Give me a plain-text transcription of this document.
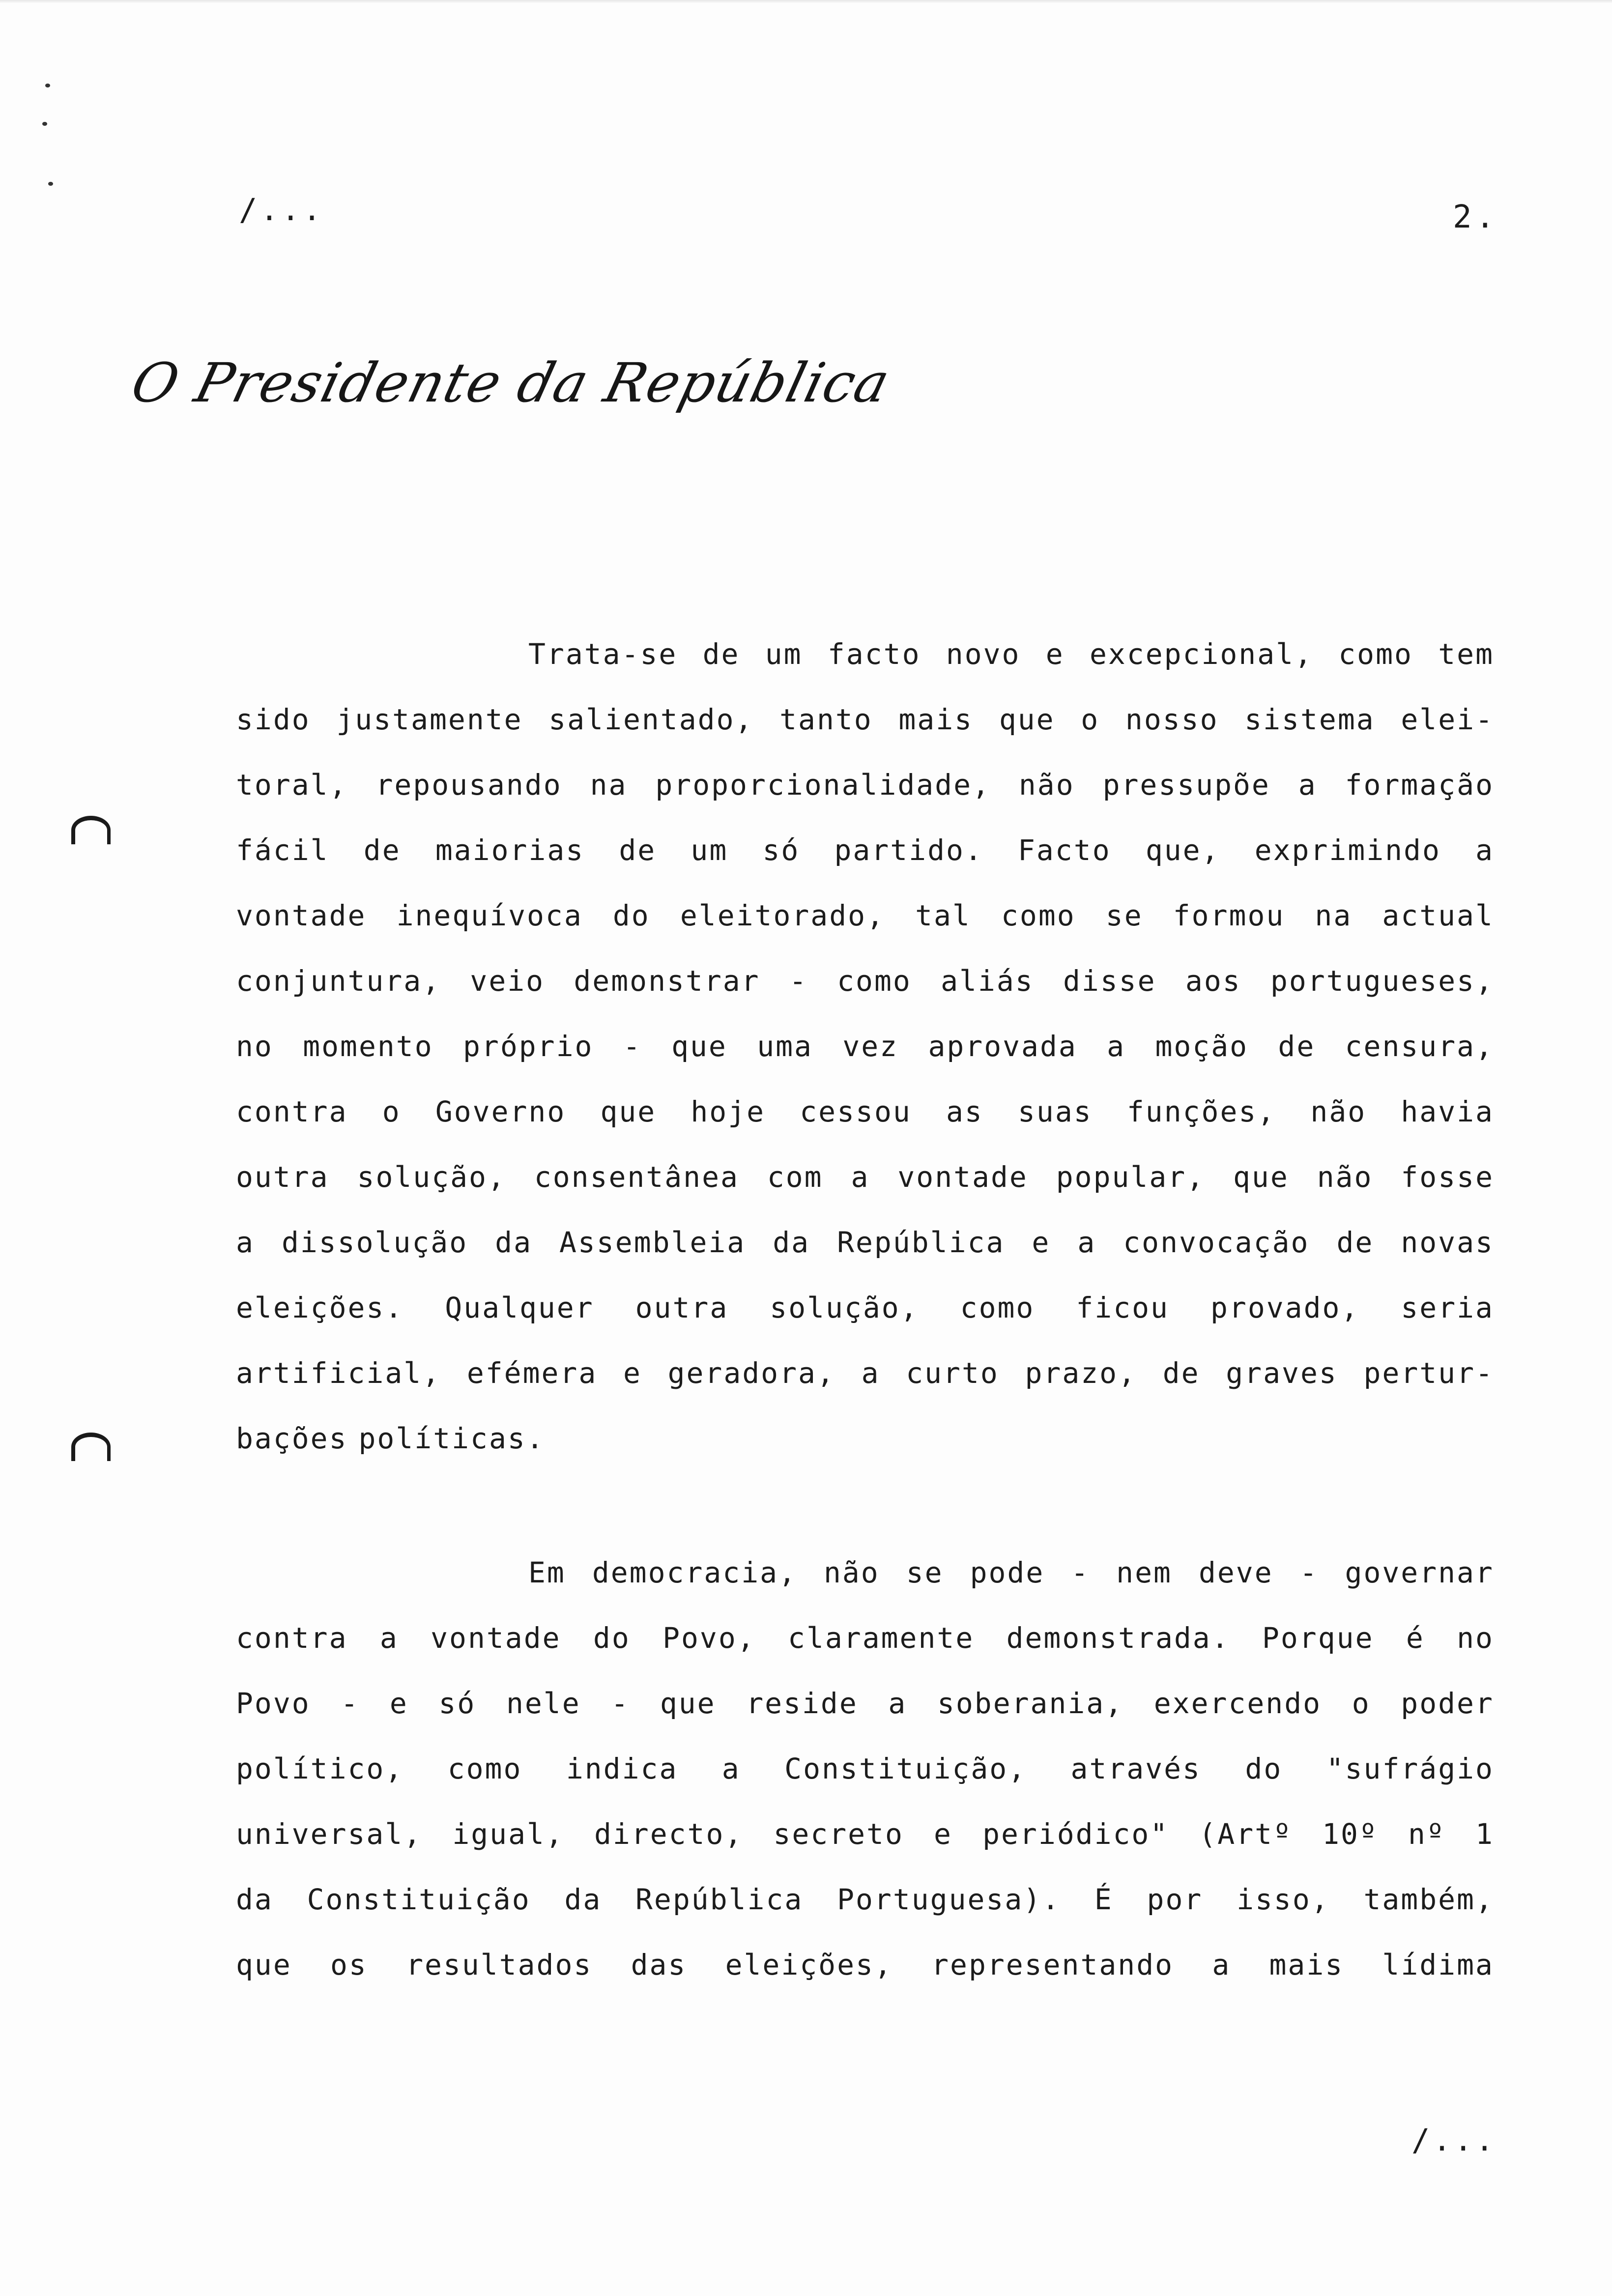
/...	2.
O Presidente da República
Trata-se de um facto novo e excepcional, como tem
sido justamente salientado, tanto mais que o nosso sistema elei-
toral, repousando na proporcionalidade, não pressupõe a formação
fácil de maiorias de um só partido. Facto que, exprimindo a
vontade inequívoca do eleitorado, tal como se formou na actual
conjuntura, veio demonstrar - como aliás disse aos portugueses,
no momento próprio - que uma vez aprovada a moção de censura,
contra o Governo que hoje cessou as suas funções, não havia
outra solução, consentânea com a vontade popular, que não fosse
a dissolução da Assembleia da República e a convocação de novas
eleições. Qualquer outra solução, como ficou provado, seria
artificial, efémera e geradora, a curto prazo, de graves pertur-
bações políticas.
Em democracia, não se pode - nem deve - governar
contra a vontade do Povo, claramente demonstrada. Porque é no
Povo - e só nele - que reside a soberania, exercendo o poder
político, como indica a Constituição, através do "sufrágio
universal, igual, directo, secreto e periódico" (Artº 10º nº 1
da Constituição da República Portuguesa). É por isso, também,
que os resultados das eleições, representando a mais lídima
/...
